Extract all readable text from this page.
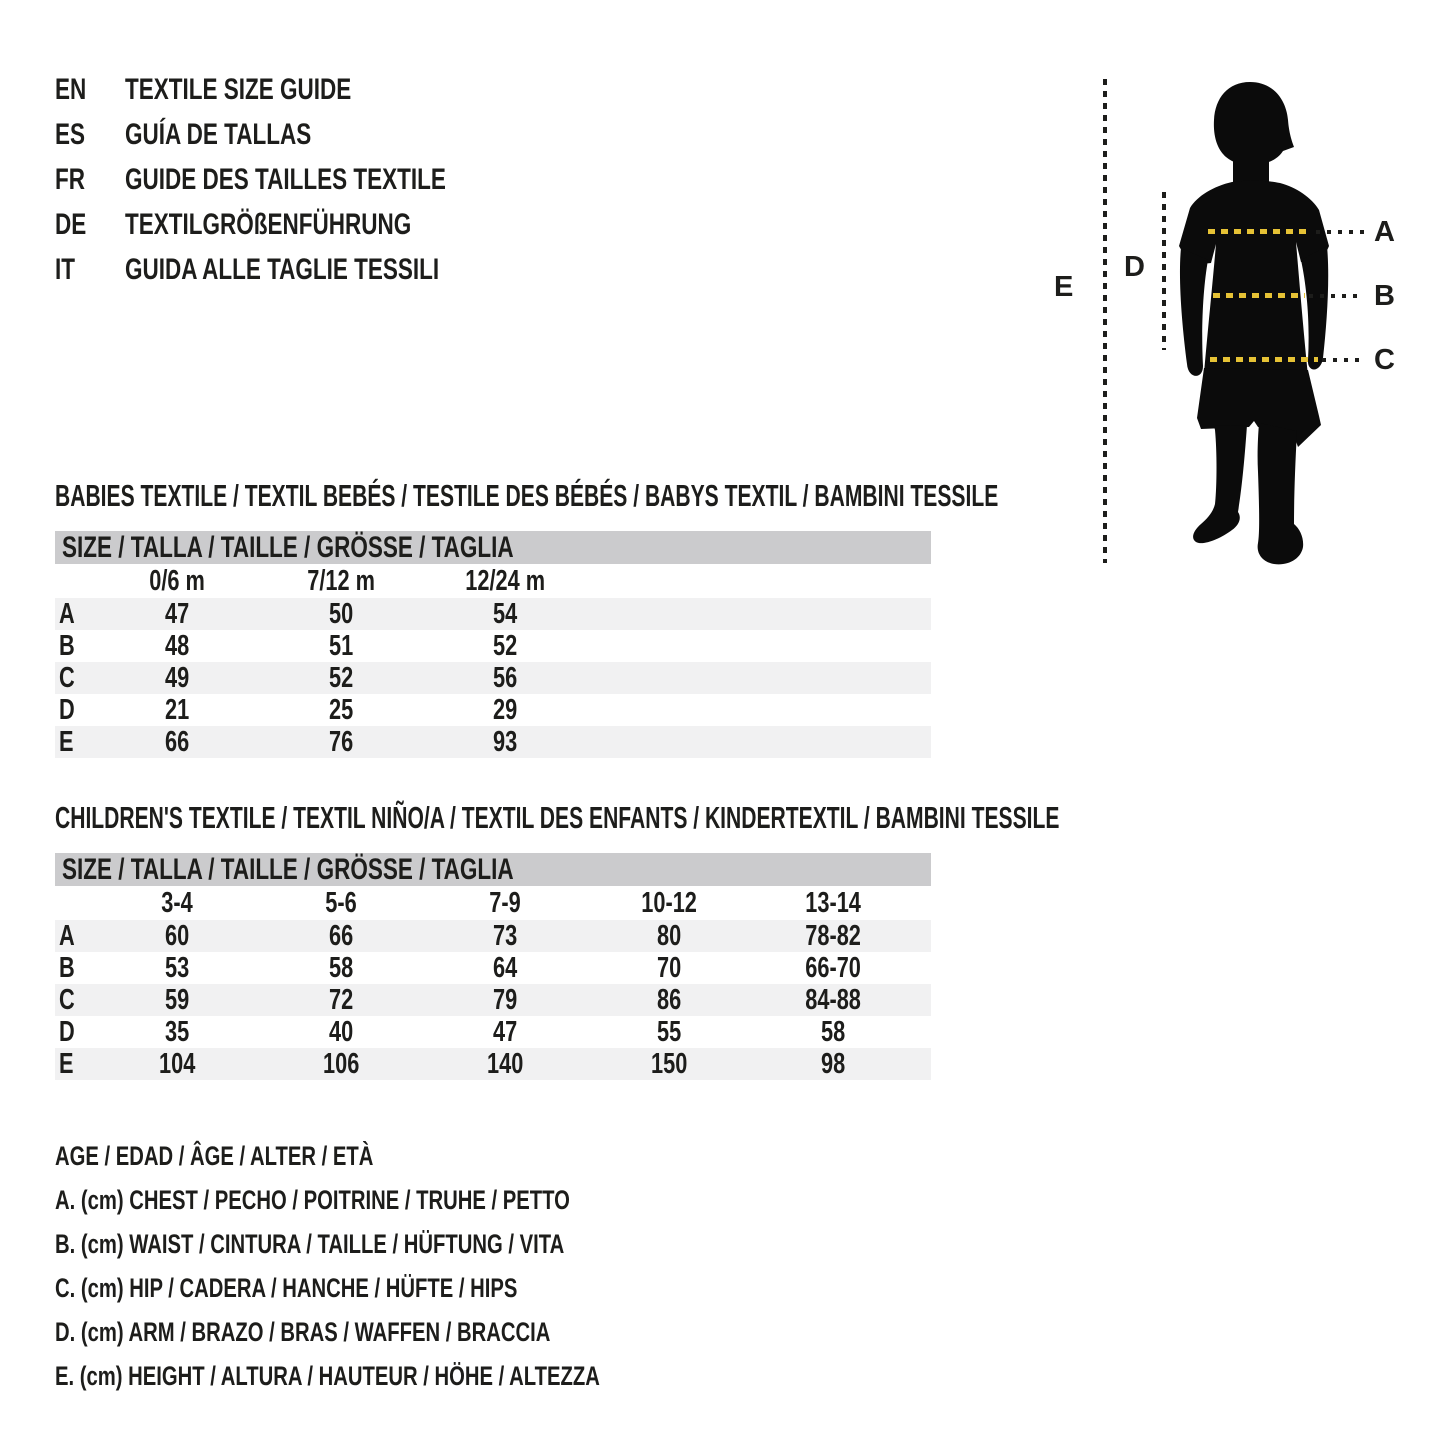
EN	TEXTILE SIZE GUIDE
ES	GUÍA DE TALLAS
FR	GUIDE DES TAILLES TEXTILE
DE	TEXTILGRÖßENFÜHRUNG
IT GUIDA ALLE TAGLIE TESSILI
E
D
A
B
C
BABIES TEXTILE / TEXTIL BEBÉS / TESTILE DES BÉBÉS / BABYS TEXTIL / BAMBINI TESSILE
SIZE / TALLA / TAILLE / GRÖSSE / TAGLIA
0/6 m	7/12 m	12/24 m
A	47	50	54
B	48	51	52
C	49	52	56
D	21	25	29
E	66	76	93
CHILDREN'S TEXTILE / TEXTIL NIÑO/A / TEXTIL DES ENFANTS / KINDERTEXTIL / BAMBINI TESSILE
SIZE / TALLA / TAILLE / GRÖSSE / TAGLIA
3-4	5-6	7-9	10-12	13-14
A	60	66	73	80	78-82
B	53	58	64	70	66-70
C	59	72	79	86	84-88
D	35	40	47	55	58
E	104	106	140	150	98
AGE / EDAD / ÂGE / ALTER / ETÀ
A. (cm) CHEST / PECHO / POITRINE / TRUHE / PETTO
B. (cm) WAIST / CINTURA / TAILLE / HÜFTUNG / VITA
C. (cm) HIP / CADERA / HANCHE / HÜFTE / HIPS
D. (cm) ARM / BRAZO / BRAS / WAFFEN / BRACCIA
E. (cm) HEIGHT / ALTURA / HAUTEUR / HÖHE / ALTEZZA
